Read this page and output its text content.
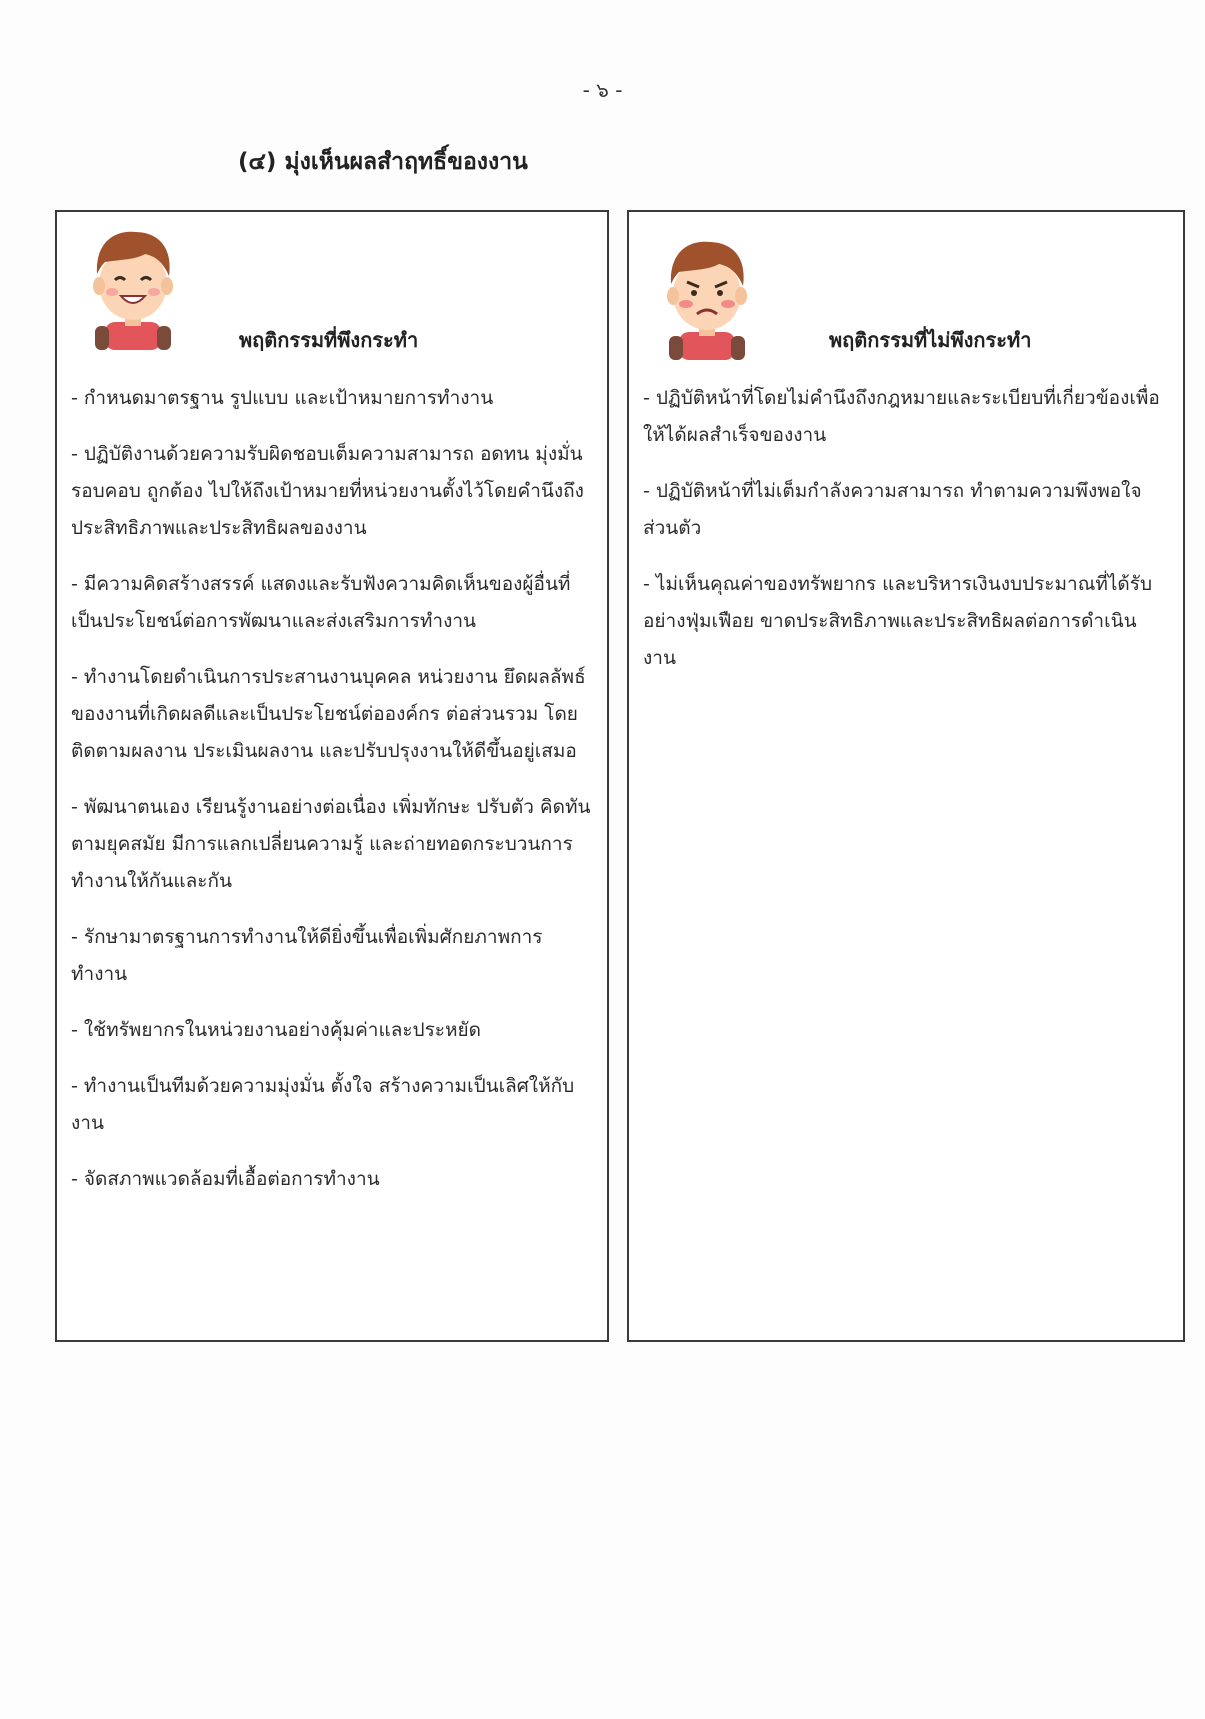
- ๖ -
(๔) มุ่งเห็นผลสำฤทธิ์ของงาน
พฤติกรรมที่พึงกระทำ
- กำหนดมาตรฐาน รูปแบบ และเป้าหมายการทำงาน
- ปฏิบัติงานด้วยความรับผิดชอบเต็มความสามารถ อดทน มุ่งมั่น รอบคอบ ถูกต้อง ไปให้ถึงเป้าหมายที่หน่วยงานตั้งไว้โดยคำนึงถึงประสิทธิภาพและประสิทธิผลของงาน
- มีความคิดสร้างสรรค์ แสดงและรับฟังความคิดเห็นของผู้อื่นที่เป็นประโยชน์ต่อการพัฒนาและส่งเสริมการทำงาน
- ทำงานโดยดำเนินการประสานงานบุคคล หน่วยงาน ยึดผลลัพธ์ของงานที่เกิดผลดีและเป็นประโยชน์ต่อองค์กร ต่อส่วนรวม โดยติดตามผลงาน ประเมินผลงาน และปรับปรุงงานให้ดีขึ้นอยู่เสมอ
- พัฒนาตนเอง เรียนรู้งานอย่างต่อเนื่อง เพิ่มทักษะ ปรับตัว คิดทันตามยุคสมัย มีการแลกเปลี่ยนความรู้ และถ่ายทอดกระบวนการทำงานให้กันและกัน
- รักษามาตรฐานการทำงานให้ดียิ่งขึ้นเพื่อเพิ่มศักยภาพการทำงาน
- ใช้ทรัพยากรในหน่วยงานอย่างคุ้มค่าและประหยัด
- ทำงานเป็นทีมด้วยความมุ่งมั่น ตั้งใจ สร้างความเป็นเลิศให้กับงาน
- จัดสภาพแวดล้อมที่เอื้อต่อการทำงาน
พฤติกรรมที่ไม่พึงกระทำ
- ปฏิบัติหน้าที่โดยไม่คำนึงถึงกฎหมายและระเบียบที่เกี่ยวข้องเพื่อให้ได้ผลสำเร็จของงาน
- ปฏิบัติหน้าที่ไม่เต็มกำลังความสามารถ ทำตามความพึงพอใจส่วนตัว
- ไม่เห็นคุณค่าของทรัพยากร และบริหารเงินงบประมาณที่ได้รับอย่างฟุ่มเฟือย ขาดประสิทธิภาพและประสิทธิผลต่อการดำเนินงาน
